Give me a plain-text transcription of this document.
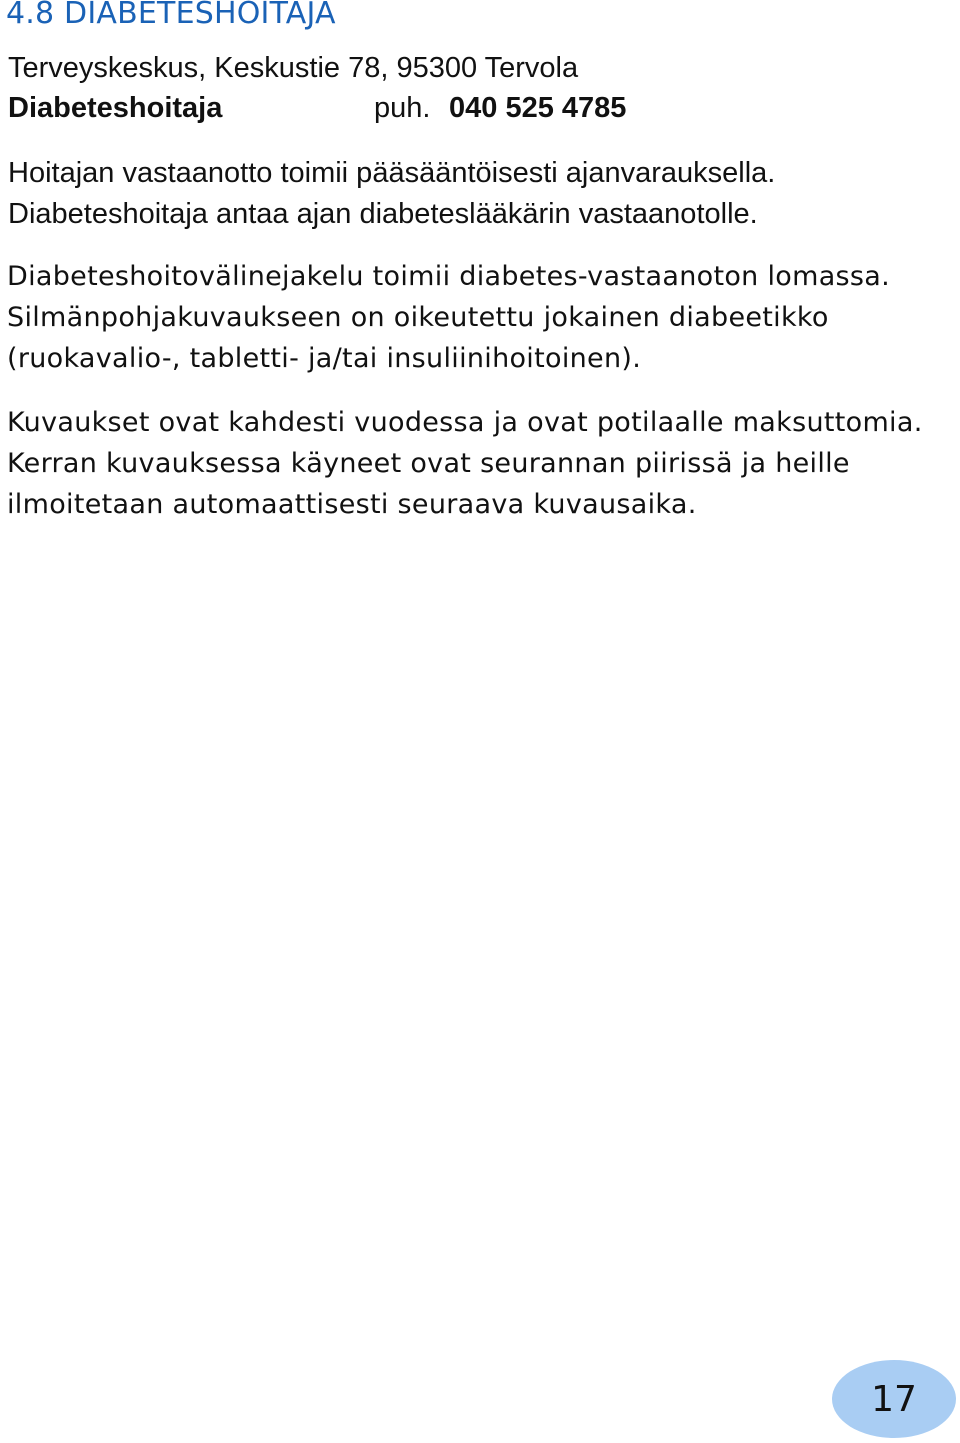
4.8 DIABETESHOITAJA

Terveyskeskus, Keskustie 78, 95300 Tervola

Diabeteshoitaja	puh. 040 525 4785

Hoitajan vastaanotto toimii pääsääntöisesti ajanvarauksella. Diabeteshoitaja antaa ajan diabeteslääkärin vastaanotolle.

Diabeteshoitovälinejakelu toimii diabetes-vastaanoton lomassa. Silmänpohjakuvaukseen on oikeutettu jokainen diabeetikko (ruokavalio-, tabletti- ja/tai insuliinihoitoinen).

Kuvaukset ovat kahdesti vuodessa ja ovat potilaalle maksuttomia. Kerran kuvauksessa käyneet ovat seurannan piirissä ja heille ilmoitetaan automaattisesti seuraava kuvausaika.

17
